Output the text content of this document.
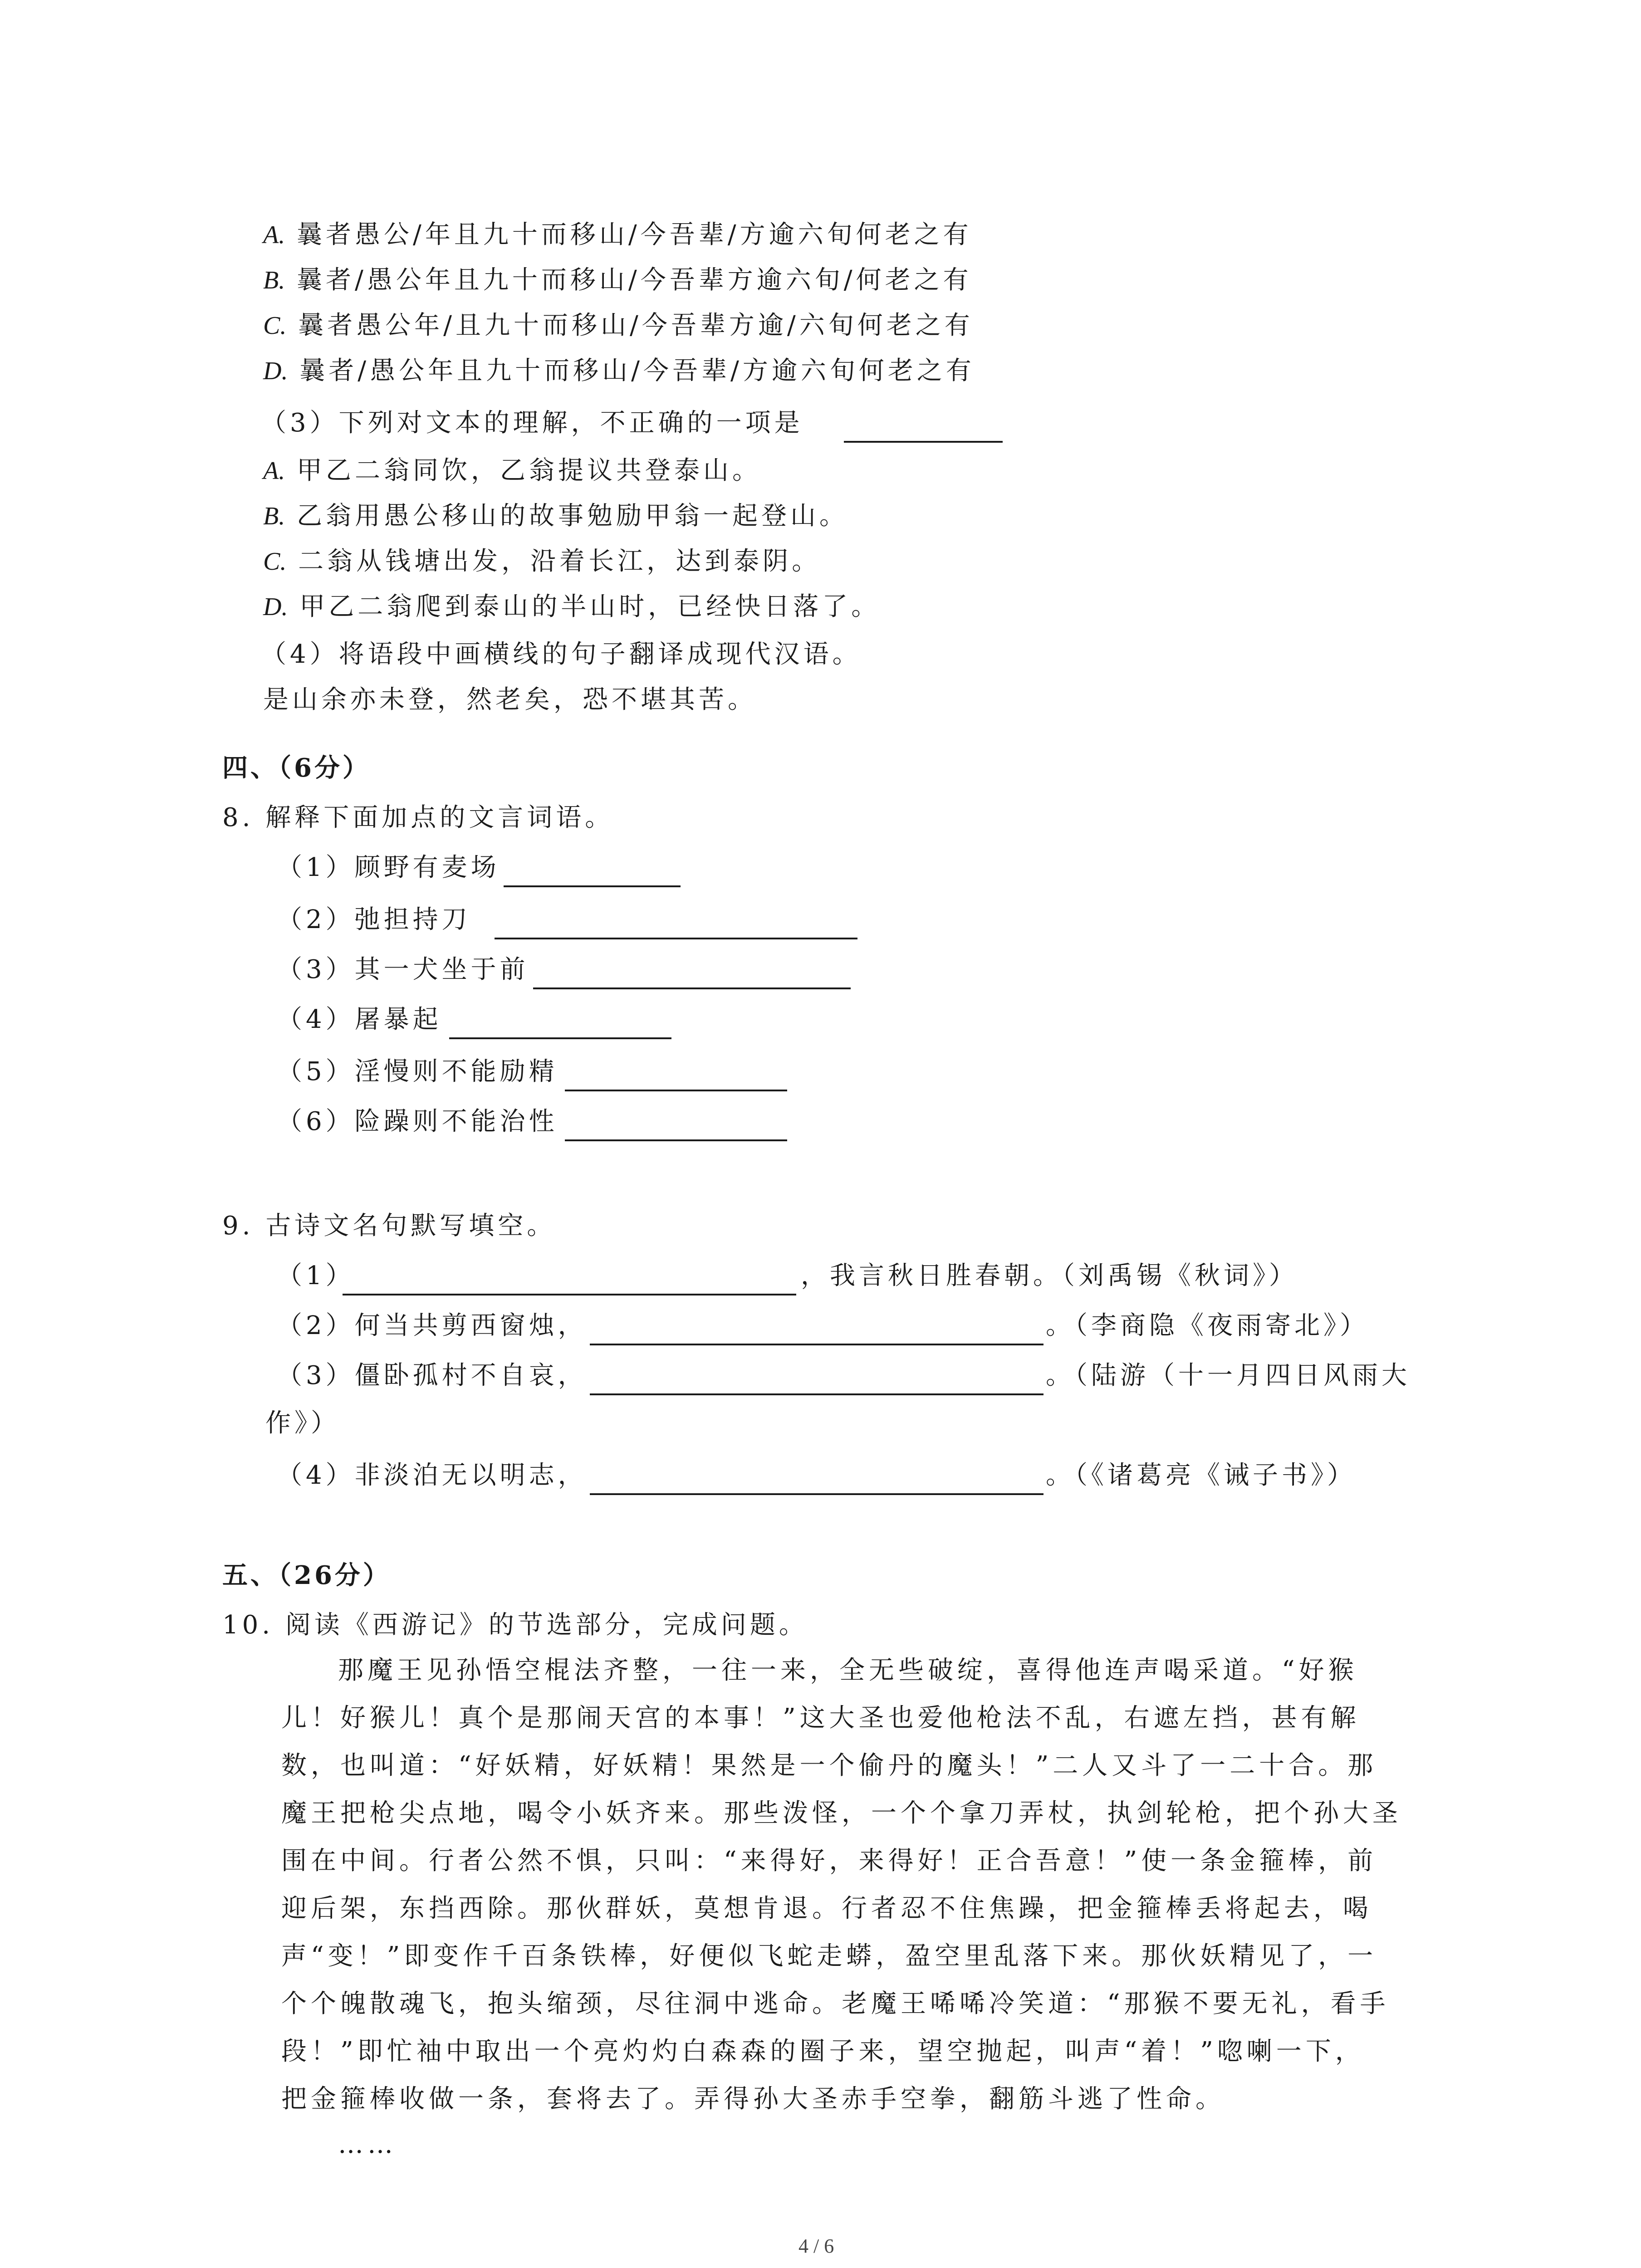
A. 曩者愚公/年且九十而移山/今吾辈/方逾六旬何老之有
B. 曩者/愚公年且九十而移山/今吾辈方逾六旬/何老之有
C. 曩者愚公年/且九十而移山/今吾辈方逾/六旬何老之有
D. 曩者/愚公年且九十而移山/今吾辈/方逾六旬何老之有
（3）下列对文本的理解，不正确的一项是
A. 甲乙二翁同饮，乙翁提议共登泰山。
B. 乙翁用愚公移山的故事勉励甲翁一起登山。
C. 二翁从钱塘出发，沿着长江，达到泰阴。
D. 甲乙二翁爬到泰山的半山时，已经快日落了。
（4）将语段中画横线的句子翻译成现代汉语。
是山余亦未登，然老矣，恐不堪其苦。
四、（6分）
8. 解释下面加点的文言词语。
（1）顾野有麦场
（2）弛担持刀
（3）其一犬坐于前
（4）屠暴起
（5）淫慢则不能励精
（6）险躁则不能治性
9. 古诗文名句默写填空。
（1）	，我言秋日胜春朝。（刘禹锡《秋词》）
（2）何当共剪西窗烛，	。（李商隐《夜雨寄北》）
（3）僵卧孤村不自哀，	。（陆游（十一月四日风雨大
作》）
（4）非淡泊无以明志，	。（《诸葛亮《诫子书》）
五、（26分）
10. 阅读《西游记》的节选部分，完成问题。
那魔王见孙悟空棍法齐整，一往一来，全无些破绽，喜得他连声喝采道。“好猴
儿！好猴儿！真个是那闹天宫的本事！”这大圣也爱他枪法不乱，右遮左挡，甚有解
数，也叫道：“好妖精，好妖精！果然是一个偷丹的魔头！”二人又斗了一二十合。那
魔王把枪尖点地，喝令小妖齐来。那些泼怪，一个个拿刀弄杖，执剑轮枪，把个孙大圣
围在中间。行者公然不惧，只叫：“来得好，来得好！正合吾意！”使一条金箍棒，前
迎后架，东挡西除。那伙群妖，莫想肯退。行者忍不住焦躁，把金箍棒丢将起去，喝
声“变！”即变作千百条铁棒，好便似飞蛇走蟒，盈空里乱落下来。那伙妖精见了，一
个个魄散魂飞，抱头缩颈，尽往洞中逃命。老魔王唏唏冷笑道：“那猴不要无礼，看手
段！”即忙袖中取出一个亮灼灼白森森的圈子来，望空抛起，叫声“着！”唿喇一下，
把金箍棒收做一条，套将去了。弄得孙大圣赤手空拳，翻筋斗逃了性命。
……
4 / 6
